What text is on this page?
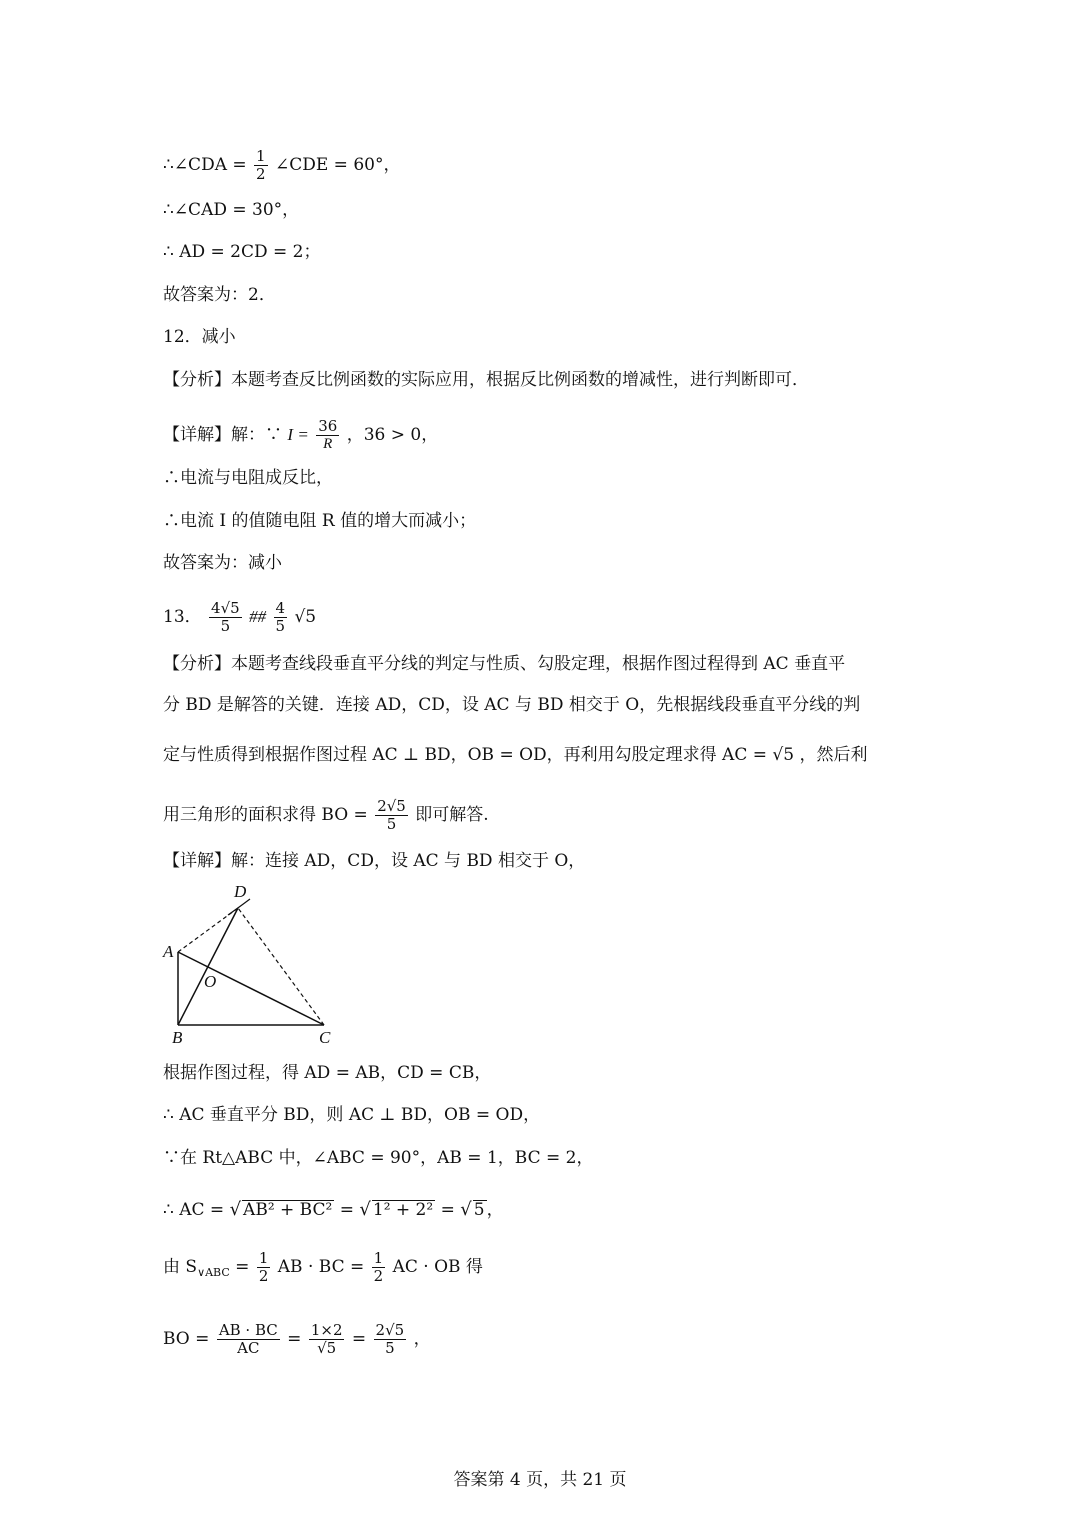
∴∠CDA = $\frac{1}{2}$ ∠CDE = 60°，
∴∠CAD = 30°，
∴ AD = 2CD = 2；
故答案为：2．
12．减小
【分析】本题考查反比例函数的实际应用，根据反比例函数的增减性，进行判断即可．
【详解】解：∵ $I = \frac{36}{R}$ ，36 > 0，
∴电流与电阻成反比，
∴电流 I 的值随电阻 R 值的增大而减小；
故答案为：减小
13． $\frac{4√5}{5}$ ## $\frac{4}{5} √5$
【分析】本题考查线段垂直平分线的判定与性质、勾股定理，根据作图过程得到 AC 垂直平
分 BD 是解答的关键．连接 AD，CD，设 AC 与 BD 相交于 O，先根据线段垂直平分线的判
定与性质得到根据作图过程 AC ⊥ BD，OB = OD，再利用勾股定理求得 AC = √5 ，然后利
用三角形的面积求得 BO = $\frac{2√5}{5}$ 即可解答.
【详解】解：连接 AD，CD，设 AC 与 BD 相交于 O，
D
A
O
B	C
根据作图过程，得 AD = AB，CD = CB，
∴ AC 垂直平分 BD，则 AC ⊥ BD，OB = OD，
∵在 Rt△ABC 中，∠ABC = 90°，AB = 1，BC = 2，
∴ AC = √ AB² + BC² = √ 1² + 2² = √ 5 ，
由 $S_{\vee ABC} = \frac{1}{2}$ AB · BC = $\frac{1}{2}$ AC · OB 得
BO = $\frac{AB \cdot BC}{AC} = \frac{1\times 2}{√5} = \frac{2√5}{5}$ ，
答案第 4 页，共 21 页
